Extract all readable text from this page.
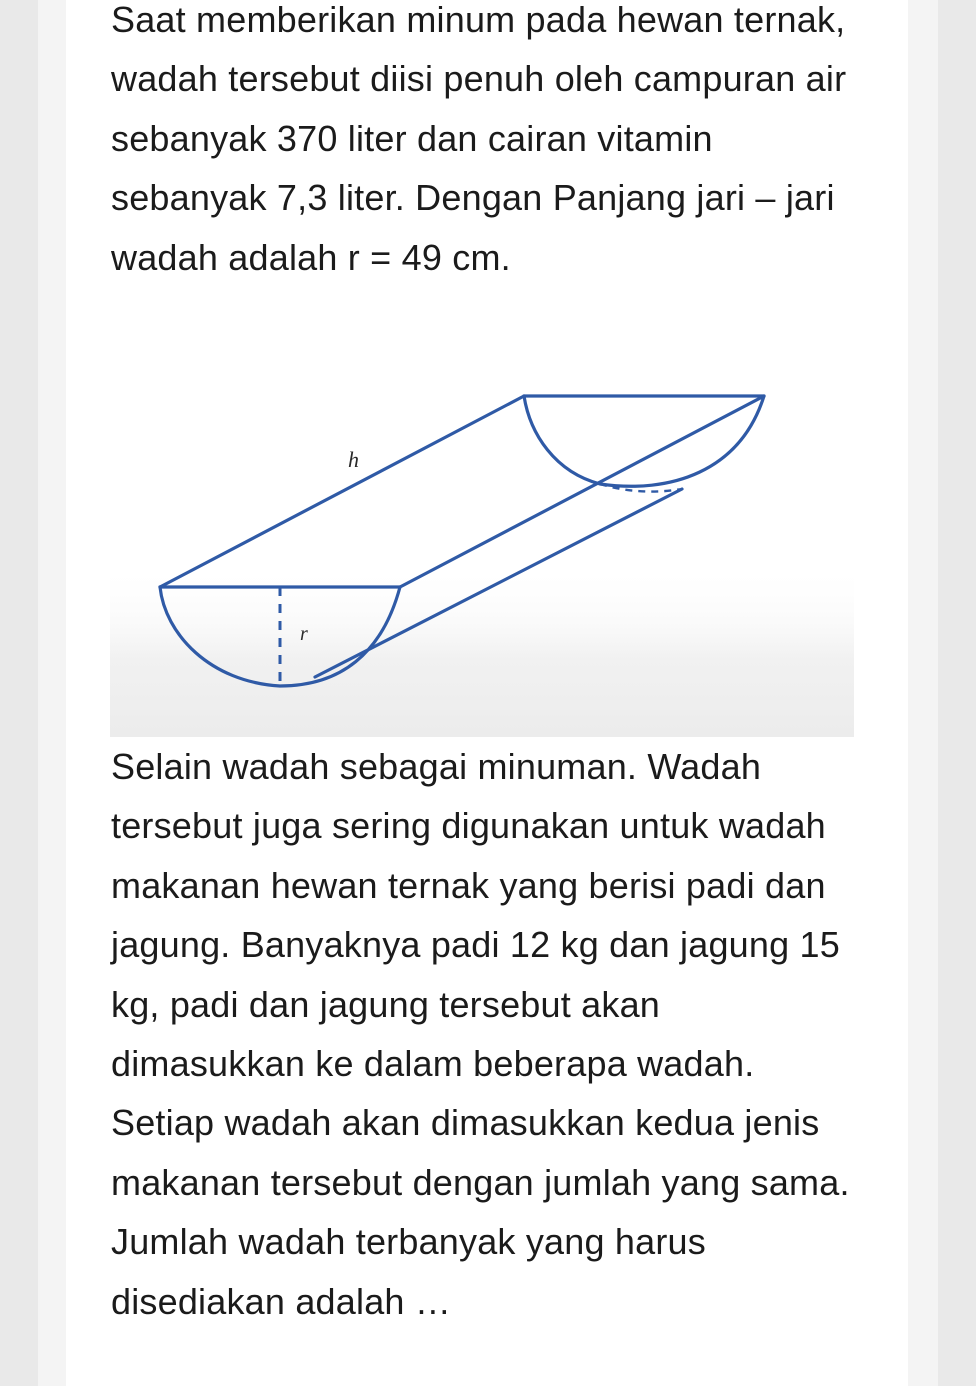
Saat memberikan minum pada hewan ternak, wadah tersebut diisi penuh oleh campuran air sebanyak 370 liter dan cairan vitamin sebanyak 7,3 liter. Dengan Panjang jari – jari wadah adalah r = 49 cm.

h
r

Selain wadah sebagai minuman. Wadah tersebut juga sering digunakan untuk wadah makanan hewan ternak yang berisi padi dan jagung. Banyaknya padi 12 kg dan jagung 15 kg, padi dan jagung tersebut akan dimasukkan ke dalam beberapa wadah. Setiap wadah akan dimasukkan kedua jenis makanan tersebut dengan jumlah yang sama. Jumlah wadah terbanyak yang harus disediakan adalah …
